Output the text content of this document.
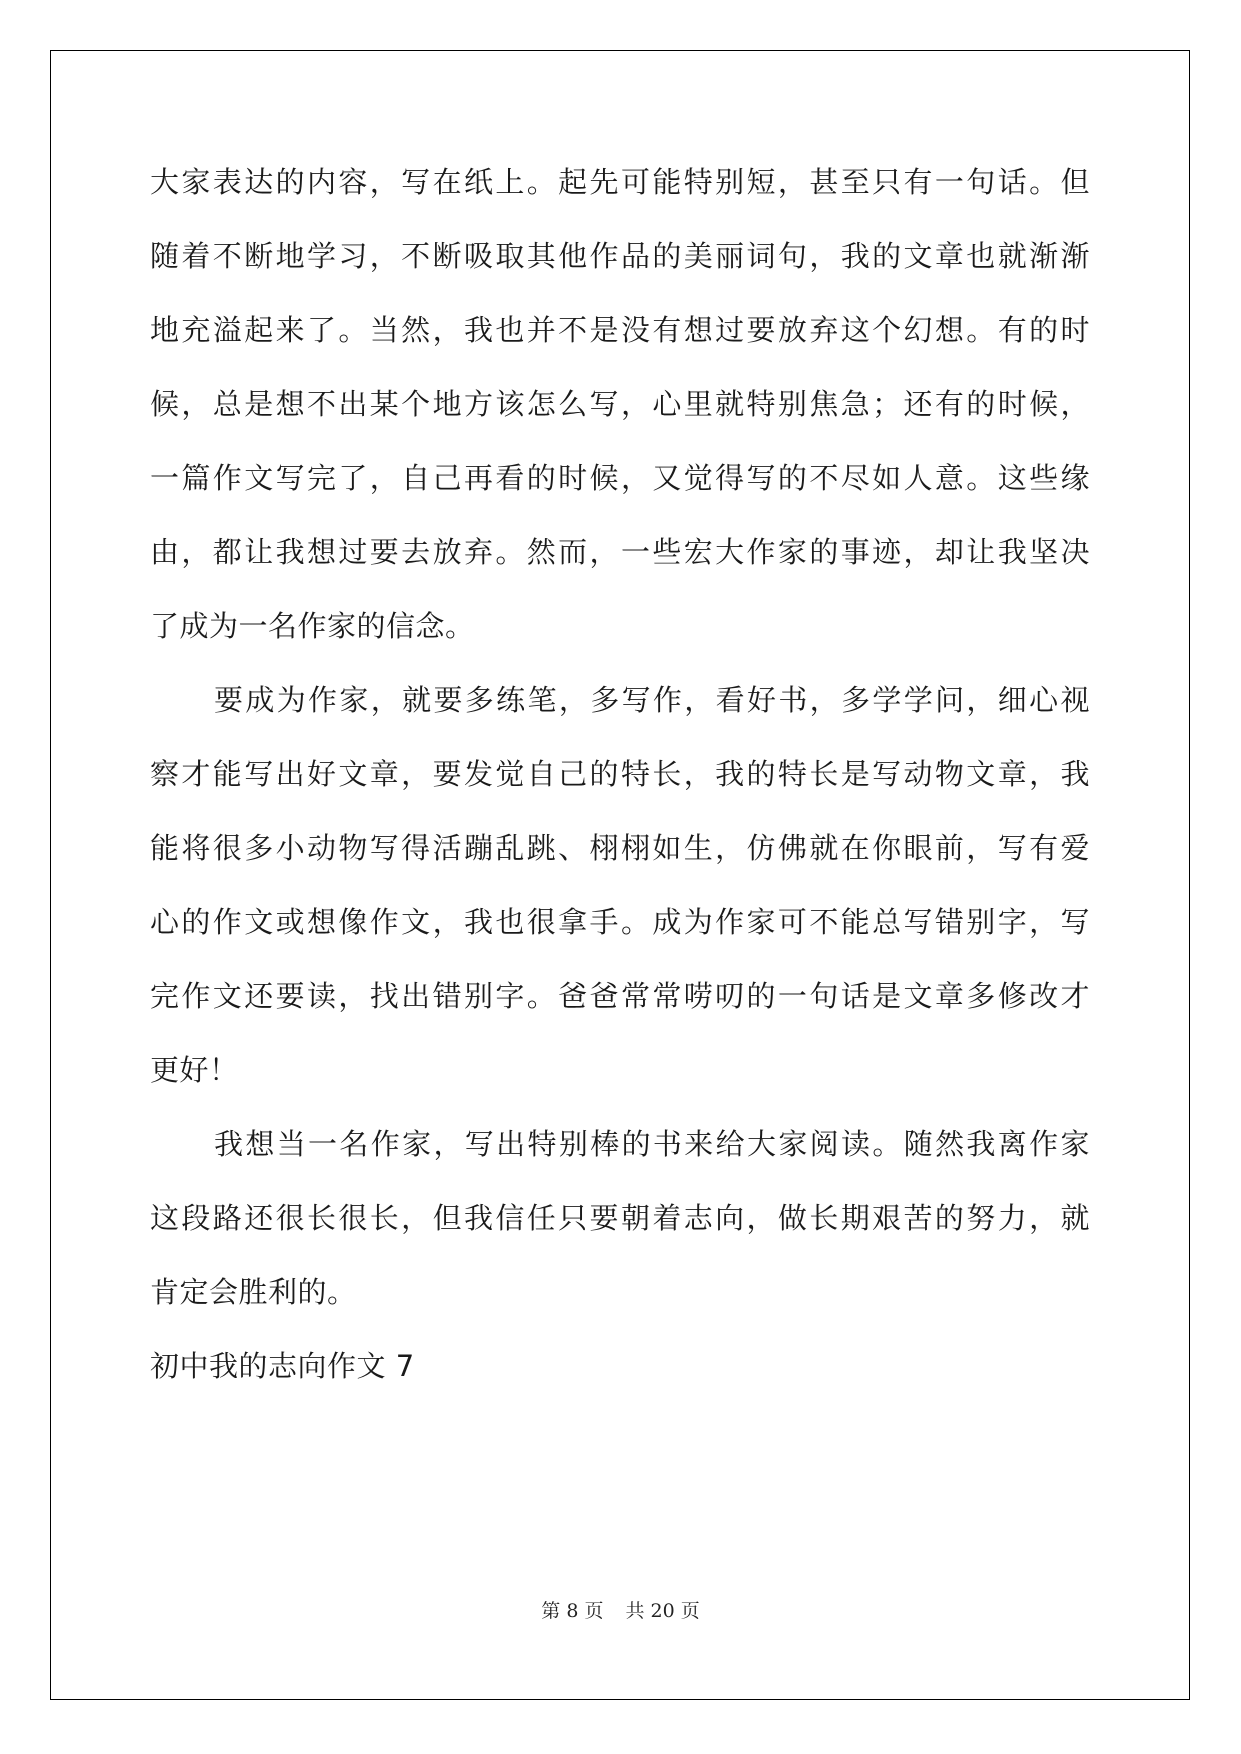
大家表达的内容，写在纸上。起先可能特别短，甚至只有一句话。但
随着不断地学习，不断吸取其他作品的美丽词句，我的文章也就渐渐
地充溢起来了。当然，我也并不是没有想过要放弃这个幻想。有的时
候，总是想不出某个地方该怎么写，心里就特别焦急；还有的时候，
一篇作文写完了，自己再看的时候，又觉得写的不尽如人意。这些缘
由，都让我想过要去放弃。然而，一些宏大作家的事迹，却让我坚决
了成为一名作家的信念。
要成为作家，就要多练笔，多写作，看好书，多学学问，细心视
察才能写出好文章，要发觉自己的特长，我的特长是写动物文章，我
能将很多小动物写得活蹦乱跳、栩栩如生，仿佛就在你眼前，写有爱
心的作文或想像作文，我也很拿手。成为作家可不能总写错别字，写
完作文还要读，找出错别字。爸爸常常唠叨的一句话是文章多修改才
更好！
我想当一名作家，写出特别棒的书来给大家阅读。随然我离作家
这段路还很长很长，但我信任只要朝着志向，做长期艰苦的努力，就
肯定会胜利的。
初中我的志向作文 7
第 8 页 共 20 页
